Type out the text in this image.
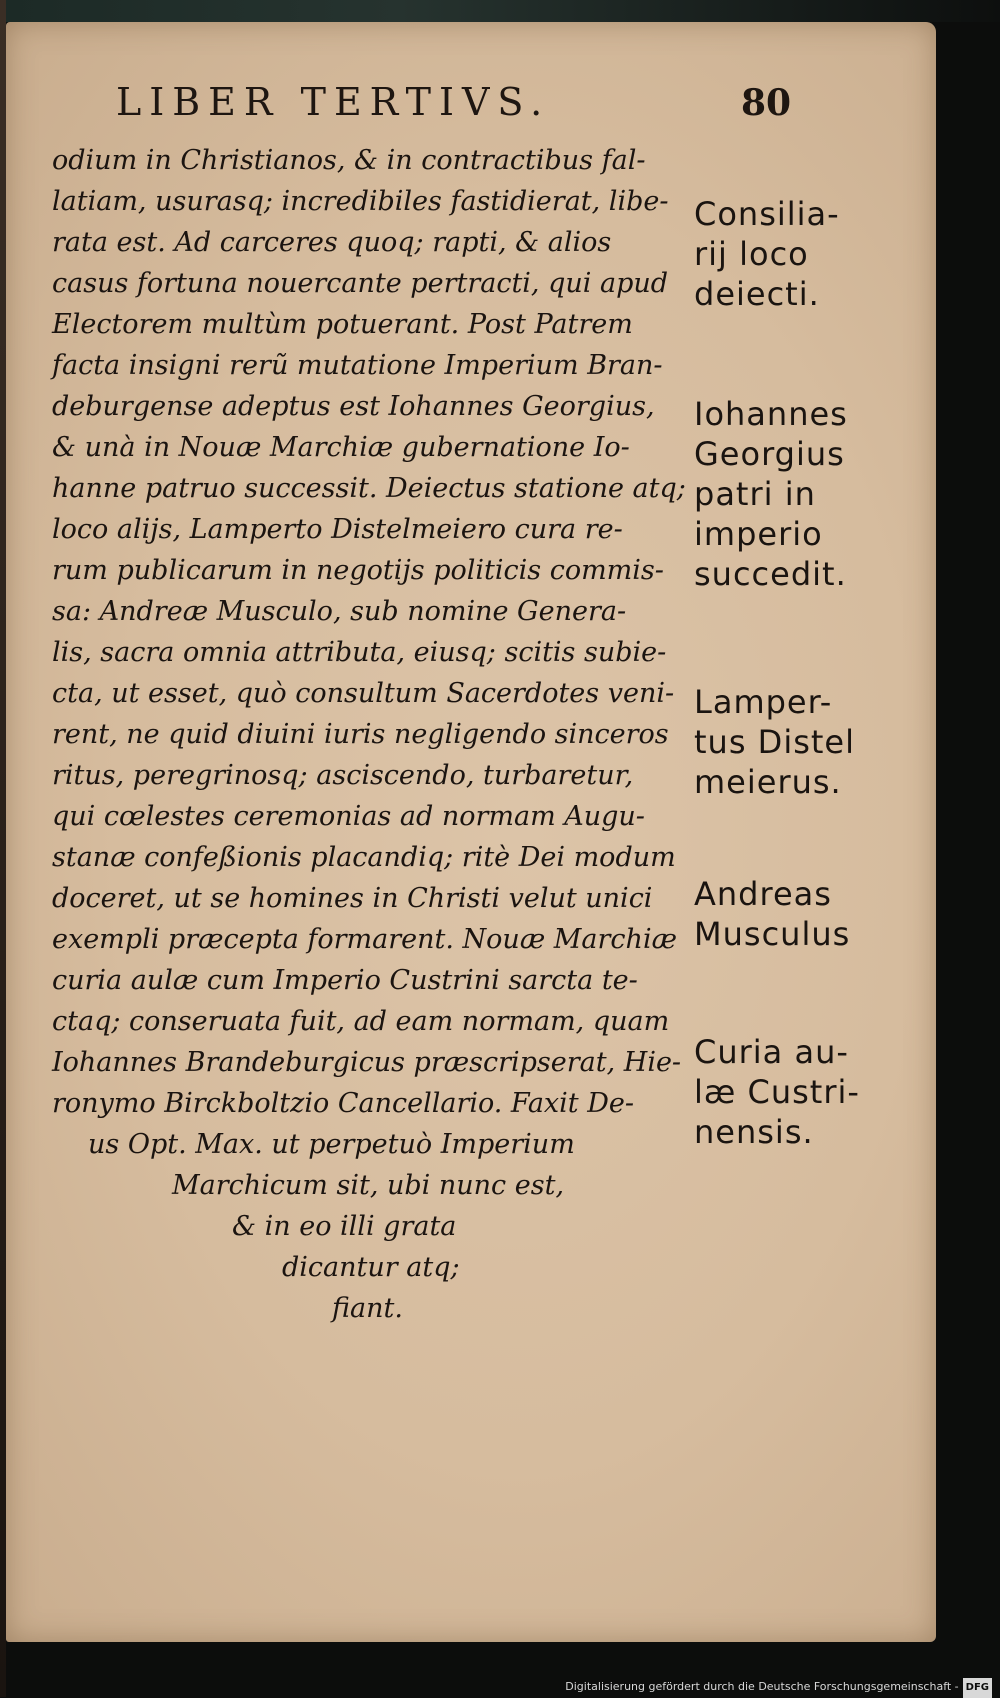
LIBER TERTIVS.	80
odium in Christianos, & in contractibus fal-
latiam, usurasq; incredibiles fastidierat, libe-
rata est. Ad carceres quoq; rapti, & alios
casus fortuna nouercante pertracti, qui apud
Electorem multùm potuerant. Post Patrem
facta insigni rerũ mutatione Imperium Bran-
deburgense adeptus est Iohannes Georgius,
& unà in Nouæ Marchiæ gubernatione Io-
hanne patruo successit. Deiectus statione atq;
loco alijs, Lamperto Distelmeiero cura re-
rum publicarum in negotijs politicis commis-
sa: Andreæ Musculo, sub nomine Genera-
lis, sacra omnia attributa, eiusq; scitis subie-
cta, ut esset, quò consultum Sacerdotes veni-
rent, ne quid diuini iuris negligendo sinceros
ritus, peregrinosq; asciscendo, turbaretur,
qui cœlestes ceremonias ad normam Augu-
stanæ confeßionis placandiq; ritè Dei modum
doceret, ut se homines in Christi velut unici
exempli præcepta formarent. Nouæ Marchiæ
curia aulæ cum Imperio Custrini sarcta te-
ctaq; conseruata fuit, ad eam normam, quam
Iohannes Brandeburgicus præscripserat, Hie-
ronymo Birckboltzio Cancellario. Faxit De-
us Opt. Max. ut perpetuò Imperium
Marchicum sit, ubi nunc est,
& in eo illi grata
dicantur atq;
fiant.
Consilia-
rij loco
deiecti.
Iohannes
Georgius
patri in
imperio
succedit.
Lamper-
tus Distel
meierus.
Andreas
Musculus
Curia au-
læ Custri-
nensis.
Digitalisierung gefördert durch die Deutsche Forschungsgemeinschaft - DFG
